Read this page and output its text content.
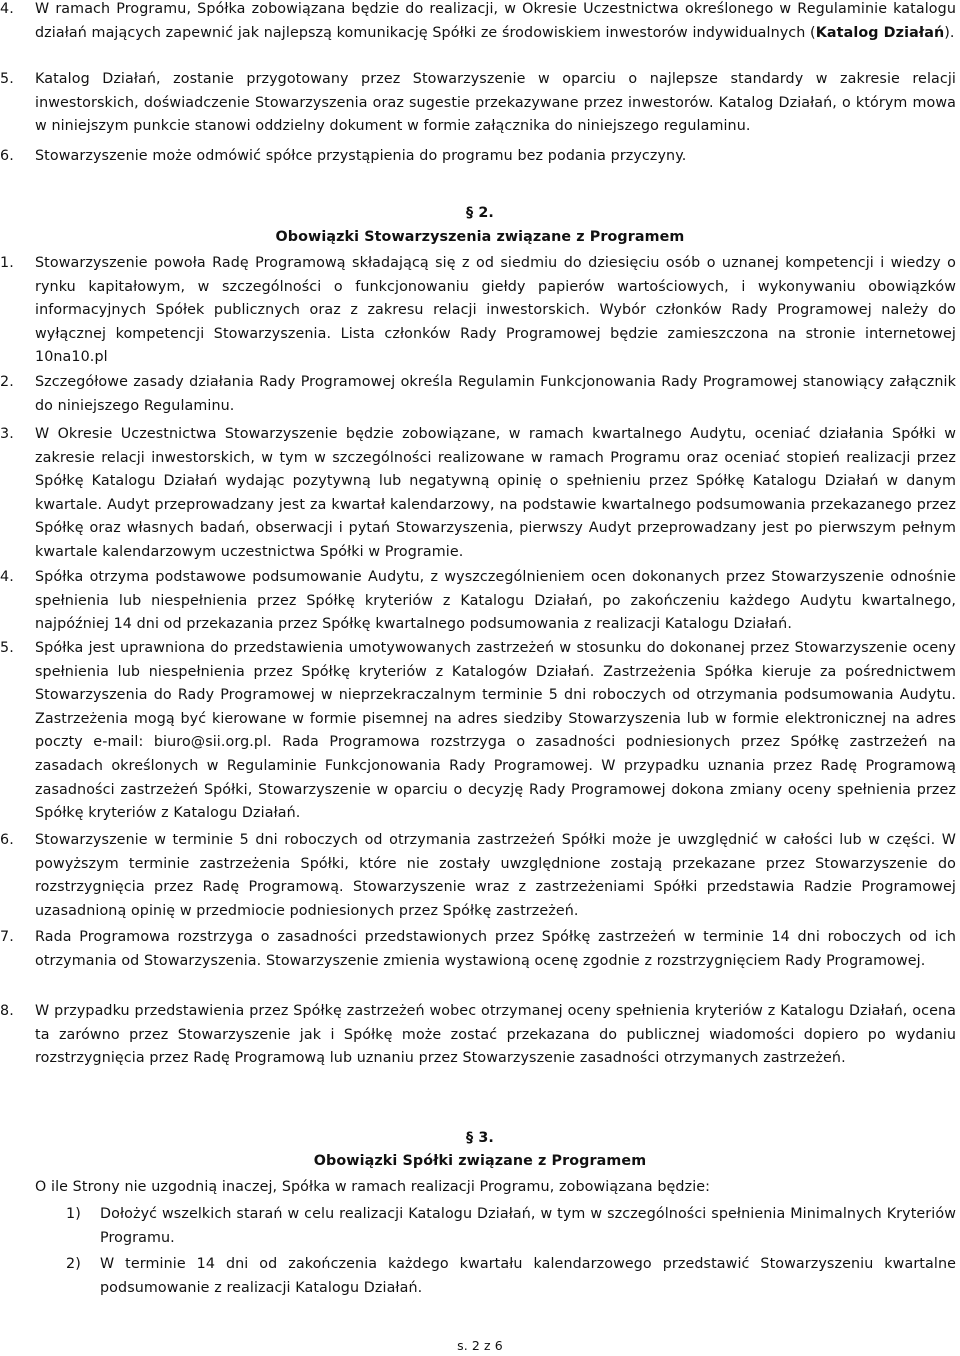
4. W ramach Programu, Spółka zobowiązana będzie do realizacji, w Okresie Uczestnictwa określonego w Regulaminie katalogu działań mających zapewnić jak najlepszą komunikację Spółki ze środowiskiem inwestorów indywidualnych (Katalog Działań).
5. Katalog Działań, zostanie przygotowany przez Stowarzyszenie w oparciu o najlepsze standardy w zakresie relacji inwestorskich, doświadczenie Stowarzyszenia oraz sugestie przekazywane przez inwestorów. Katalog Działań, o którym mowa w niniejszym punkcie stanowi oddzielny dokument w formie załącznika do niniejszego regulaminu.
6. Stowarzyszenie może odmówić spółce przystąpienia do programu bez podania przyczyny.
§ 2.
Obowiązki Stowarzyszenia związane z Programem
1. Stowarzyszenie powoła Radę Programową składającą się z od siedmiu do dziesięciu osób o uznanej kompetencji i wiedzy o rynku kapitałowym, w szczególności o funkcjonowaniu giełdy papierów wartościowych, i wykonywaniu obowiązków informacyjnych Spółek publicznych oraz z zakresu relacji inwestorskich. Wybór członków Rady Programowej należy do wyłącznej kompetencji Stowarzyszenia. Lista członków Rady Programowej będzie zamieszczona na stronie internetowej 10na10.pl
2. Szczegółowe zasady działania Rady Programowej określa Regulamin Funkcjonowania Rady Programowej stanowiący załącznik do niniejszego Regulaminu.
3. W Okresie Uczestnictwa Stowarzyszenie będzie zobowiązane, w ramach kwartalnego Audytu, oceniać działania Spółki w zakresie relacji inwestorskich, w tym w szczególności realizowane w ramach Programu oraz oceniać stopień realizacji przez Spółkę Katalogu Działań wydając pozytywną lub negatywną opinię o spełnieniu przez Spółkę Katalogu Działań w danym kwartale. Audyt przeprowadzany jest za kwartał kalendarzowy, na podstawie kwartalnego podsumowania przekazanego przez Spółkę oraz własnych badań, obserwacji i pytań Stowarzyszenia, pierwszy Audyt przeprowadzany jest po pierwszym pełnym kwartale kalendarzowym uczestnictwa Spółki w Programie.
4. Spółka otrzyma podstawowe podsumowanie Audytu, z wyszczególnieniem ocen dokonanych przez Stowarzyszenie odnośnie spełnienia lub niespełnienia przez Spółkę kryteriów z Katalogu Działań, po zakończeniu każdego Audytu kwartalnego, najpóźniej 14 dni od przekazania przez Spółkę kwartalnego podsumowania z realizacji Katalogu Działań.
5. Spółka jest uprawniona do przedstawienia umotywowanych zastrzeżeń w stosunku do dokonanej przez Stowarzyszenie oceny spełnienia lub niespełnienia przez Spółkę kryteriów z Katalogów Działań. Zastrzeżenia Spółka kieruje za pośrednictwem Stowarzyszenia do Rady Programowej w nieprzekraczalnym terminie 5 dni roboczych od otrzymania podsumowania Audytu. Zastrzeżenia mogą być kierowane w formie pisemnej na adres siedziby Stowarzyszenia lub w formie elektronicznej na adres poczty e-mail: biuro@sii.org.pl. Rada Programowa rozstrzyga o zasadności podniesionych przez Spółkę zastrzeżeń na zasadach określonych w Regulaminie Funkcjonowania Rady Programowej. W przypadku uznania przez Radę Programową zasadności zastrzeżeń Spółki, Stowarzyszenie w oparciu o decyzję Rady Programowej dokona zmiany oceny spełnienia przez Spółkę kryteriów z Katalogu Działań.
6. Stowarzyszenie w terminie 5 dni roboczych od otrzymania zastrzeżeń Spółki może je uwzględnić w całości lub w części. W powyższym terminie zastrzeżenia Spółki, które nie zostały uwzględnione zostają przekazane przez Stowarzyszenie do rozstrzygnięcia przez Radę Programową. Stowarzyszenie wraz z zastrzeżeniami Spółki przedstawia Radzie Programowej uzasadnioną opinię w przedmiocie podniesionych przez Spółkę zastrzeżeń.
7. Rada Programowa rozstrzyga o zasadności przedstawionych przez Spółkę zastrzeżeń w terminie 14 dni roboczych od ich otrzymania od Stowarzyszenia. Stowarzyszenie zmienia wystawioną ocenę zgodnie z rozstrzygnięciem Rady Programowej.
8. W przypadku przedstawienia przez Spółkę zastrzeżeń wobec otrzymanej oceny spełnienia kryteriów z Katalogu Działań, ocena ta zarówno przez Stowarzyszenie jak i Spółkę może zostać przekazana do publicznej wiadomości dopiero po wydaniu rozstrzygnięcia przez Radę Programową lub uznaniu przez Stowarzyszenie zasadności otrzymanych zastrzeżeń.
§ 3.
Obowiązki Spółki związane z Programem
O ile Strony nie uzgodnią inaczej, Spółka w ramach realizacji Programu, zobowiązana będzie:
1) Dołożyć wszelkich starań w celu realizacji Katalogu Działań, w tym w szczególności spełnienia Minimalnych Kryteriów Programu.
2) W terminie 14 dni od zakończenia każdego kwartału kalendarzowego przedstawić Stowarzyszeniu kwartalne podsumowanie z realizacji Katalogu Działań.
s. 2 z 6
